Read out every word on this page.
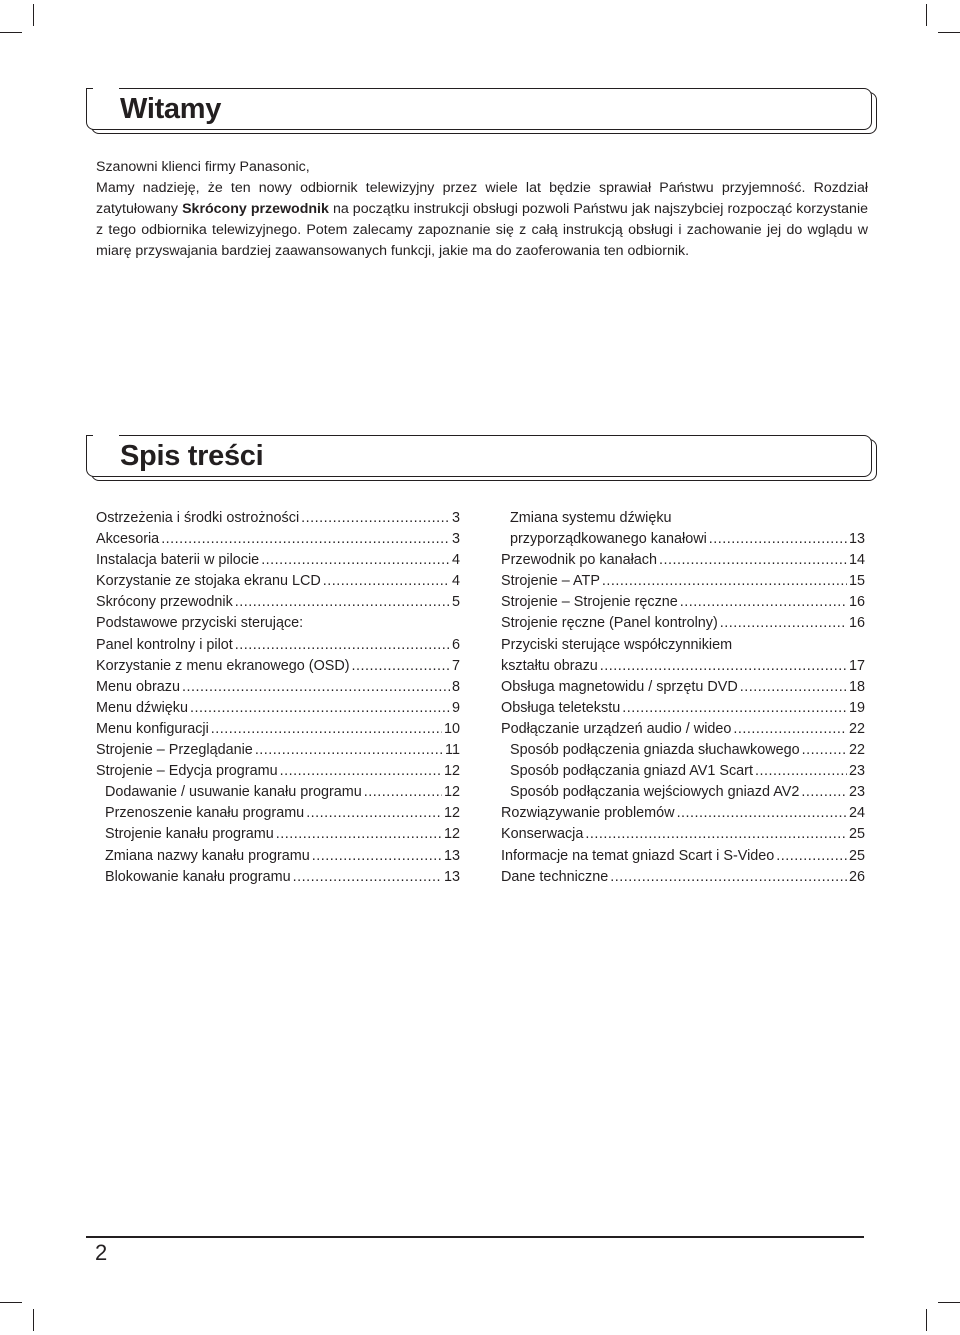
Witamy

Szanowni klienci firmy Panasonic,

Mamy nadzieję, że ten nowy odbiornik telewizyjny przez wiele lat będzie sprawiał Państwu przyjemność. Rozdział zatytułowany Skrócony przewodnik na początku instrukcji obsługi pozwoli Państwu jak najszybciej rozpocząć korzystanie z tego odbiornika telewizyjnego. Potem zalecamy zapoznanie się z całą instrukcją obsługi i zachowanie jej do wglądu w miarę przyswajania bardziej zaawansowanych funkcji, jakie ma do zaoferowania ten odbiornik.

Spis treści
Ostrzeżenia i środki ostrożności .....	3
Akcesoria .....	3
Instalacja baterii w pilocie .....	4
Korzystanie ze stojaka ekranu LCD .....	4
Skrócony przewodnik .....	5
Podstawowe przyciski sterujące:
Panel kontrolny i pilot .....	6
Korzystanie z menu ekranowego (OSD) .....	7
Menu obrazu .....	8
Menu dźwięku .....	9
Menu konfiguracji .....	10
Strojenie – Przeglądanie .....	11
Strojenie – Edycja programu .....	12
Dodawanie / usuwanie kanału programu .....	12
Przenoszenie kanału programu .....	12
Strojenie kanału programu .....	12
Zmiana nazwy kanału programu .....	13
Blokowanie kanału programu .....	13
Zmiana systemu dźwięku
przyporządkowanego kanałowi .....	13
Przewodnik po kanałach .....	14
Strojenie – ATP .....	15
Strojenie – Strojenie ręczne .....	16
Strojenie ręczne (Panel kontrolny) .....	16
Przyciski sterujące współczynnikiem
kształtu obrazu .....	17
Obsługa magnetowidu / sprzętu DVD .....	18
Obsługa teletekstu .....	19
Podłączanie urządzeń audio / wideo .....	22
Sposób podłączenia gniazda słuchawkowego .....	22
Sposób podłączania gniazd AV1 Scart .....	23
Sposób podłączania wejściowych gniazd AV2 .....	23
Rozwiązywanie problemów .....	24
Konserwacja .....	25
Informacje na temat gniazd Scart i S-Video .....	25
Dane techniczne .....	26
2
